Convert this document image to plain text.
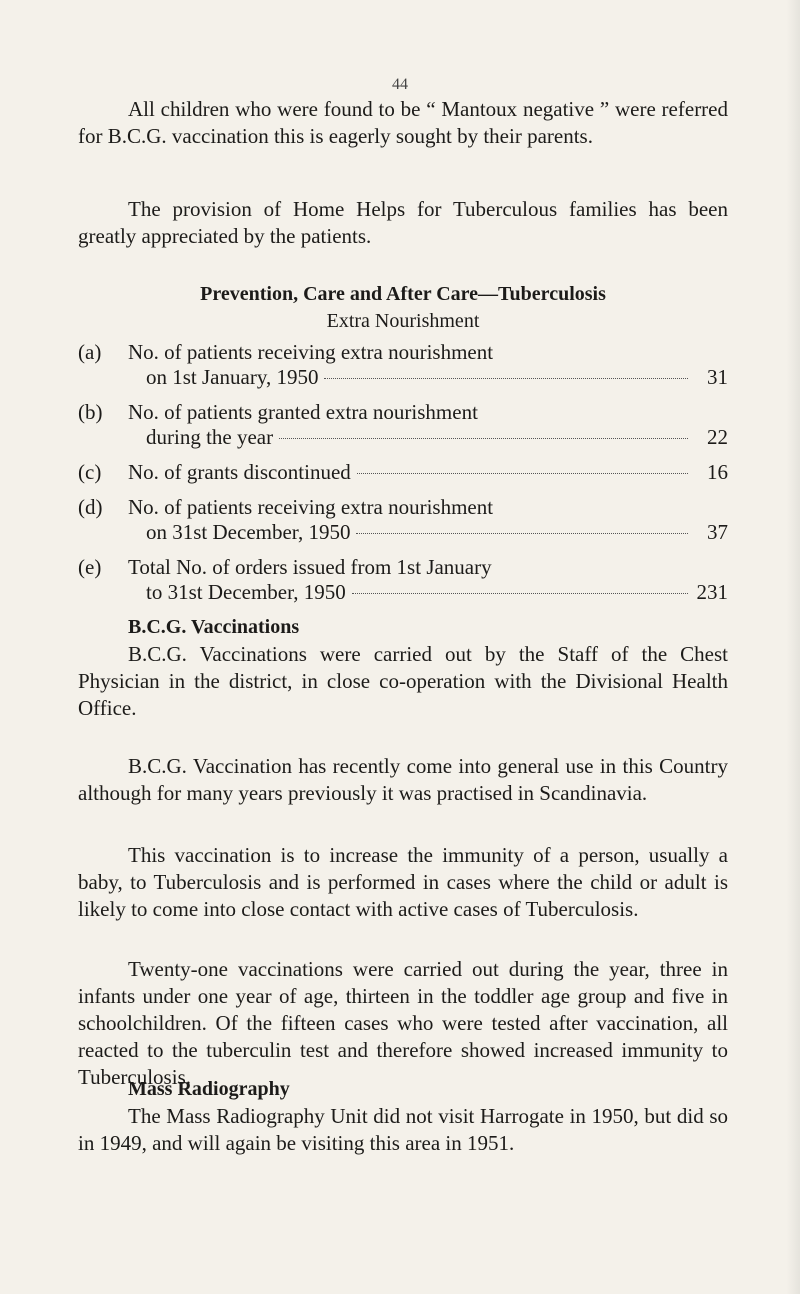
44

All children who were found to be “ Mantoux negative ” were referred for B.C.G. vaccination this is eagerly sought by their parents.

The provision of Home Helps for Tuberculous families has been greatly appreciated by the patients.

Prevention, Care and After Care—Tuberculosis
Extra Nourishment
(a) No. of patients receiving extra nourishment
on 1st January, 1950	31
(b) No. of patients granted extra nourishment
during the year	22
(c) No. of grants discontinued	16
(d) No. of patients receiving extra nourishment
on 31st December, 1950	37
(e) Total No. of orders issued from 1st January
to 31st December, 1950	231
B.C.G. Vaccinations

B.C.G. Vaccinations were carried out by the Staff of the Chest Physician in the district, in close co-operation with the Divisional Health Office.

B.C.G. Vaccination has recently come into general use in this Country although for many years previously it was practised in Scandinavia.

This vaccination is to increase the immunity of a person, usually a baby, to Tuberculosis and is performed in cases where the child or adult is likely to come into close contact with active cases of Tuberculosis.

Twenty-one vaccinations were carried out during the year, three in infants under one year of age, thirteen in the toddler age group and five in schoolchildren. Of the fifteen cases who were tested after vaccination, all reacted to the tuberculin test and therefore showed increased immunity to Tuberculosis.

Mass Radiography

The Mass Radiography Unit did not visit Harrogate in 1950, but did so in 1949, and will again be visiting this area in 1951.
